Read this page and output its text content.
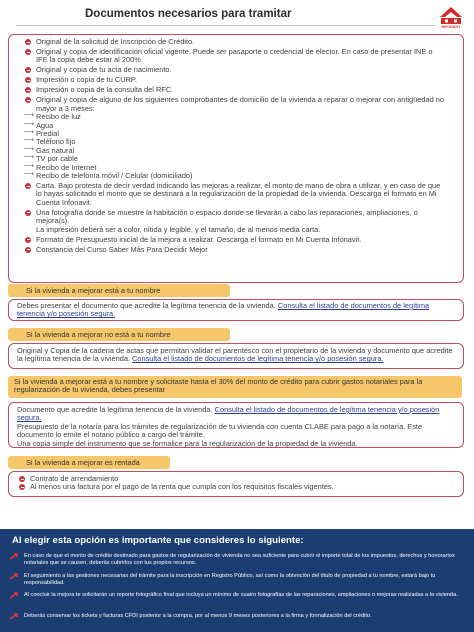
Documentos necesarios para tramitar
INFONAVIT
Original de la solicitud de Inscripción de Crédito.
Original y copia de identificación oficial vigente. Puede ser pasaporte o credencial de elector. En caso de presentar INE o IFE la copia debe estar al 200%
Original y copia de tu acta de nacimiento.
Impresión o copia de tu CURP.
Impresión o copia de la consulta del RFC.
Original y copia de alguno de los siguientes comprobantes de domicilio de la vivienda a reparar o mejorar con antigüedad no mayor a 3 meses:
⟶ Recibo de luz
⟶ Agua
⟶ Predial
⟶ Teléfono fijo
⟶ Gas natural
⟶ TV por cable
⟶ Recibo de Internet
⟶ Recibo de telefonía móvil / Celular (domiciliado)
Carta. Bajo protesta de decir verdad indicando las mejoras a realizar, el monto de mano de obra a utilizar, y en caso de que lo hayas solicitado el monto que se destinará a la regularización de la propiedad de la vivienda. Descarga el formato en Mi Cuenta Infonavit.
Una fotografía donde se muestre la habitación o espacio donde se llevarán a cabo las reparaciones, ampliaciones, o mejora(s).
La impresión deberá ser a color, nítida y legible, y el tamaño, de al menos media carta.
Formato de Presupuesto inicial de la mejora a realizar. Descarga el formato en Mi Cuenta Infonavit.
Constancia del Curso Saber Más Para Decidir Mejor
Si la vivienda a mejorar está a tu nombre
Debes presentar el documento que acredite la legítima tenencia de la vivienda. Consulta el listado de documentos de legítima tenencia y/o posesión segura.
Si la vivienda a mejorar no está a tu nombre
Original y Copia de la cadena de actas que permitan validar el parentesco con el propietario de la vivienda y documento que acredite la legítima tenencia de la vivienda. Consulta el listado de documentos de legítima tenencia y/o posesión segura.
Si la vivienda a mejorar está a tu nombre y solicitaste hasta el 30% del monto de crédito para cubrir gastos notariales para la regularización de tu vivienda, debes presentar
Documento que acredite la legítima tenencia de la vivienda. Consulta el listado de documentos de legítima tenencia y/o posesión segura.
Presupuesto de la notaría para los trámites de regularización de tu vivienda con cuenta CLABE para pago a la notaría. Este documento lo emite el notario público a cargo del trámite.
Una copia simple del instrumento que se formalice para la regularización de la propiedad de la vivienda.
Si la vivienda a mejorar es rentada
Contrato de arrendamiento
Al menos una factura por el pago de la renta que cumpla con los requisitos fiscales vigentes.
Al elegir esta opción es importante que consideres lo siguiente:
En caso de que el monto de crédito destinado para gastos de regularización de vivienda no sea suficiente para cubrir el importe total de los impuestos, derechos y honorarios notariales que se causen, deberás cubrirlos con tus propios recursos.
El seguimiento a las gestiones necesarias del trámite para la inscripción en Registro Público, así como la obtención del título de propiedad a tu nombre, estará bajo tu responsabilidad.
Al concluir la mejora te solicitarán un reporte fotográfico final que incluya un mínimo de cuatro fotografías de las reparaciones, ampliaciones o mejoras realizadas a la vivienda.
Deberás conservar los tickets y facturas CFDI posterior a la compra, por al menos 9 meses posteriores a la firma y formalización del crédito.
